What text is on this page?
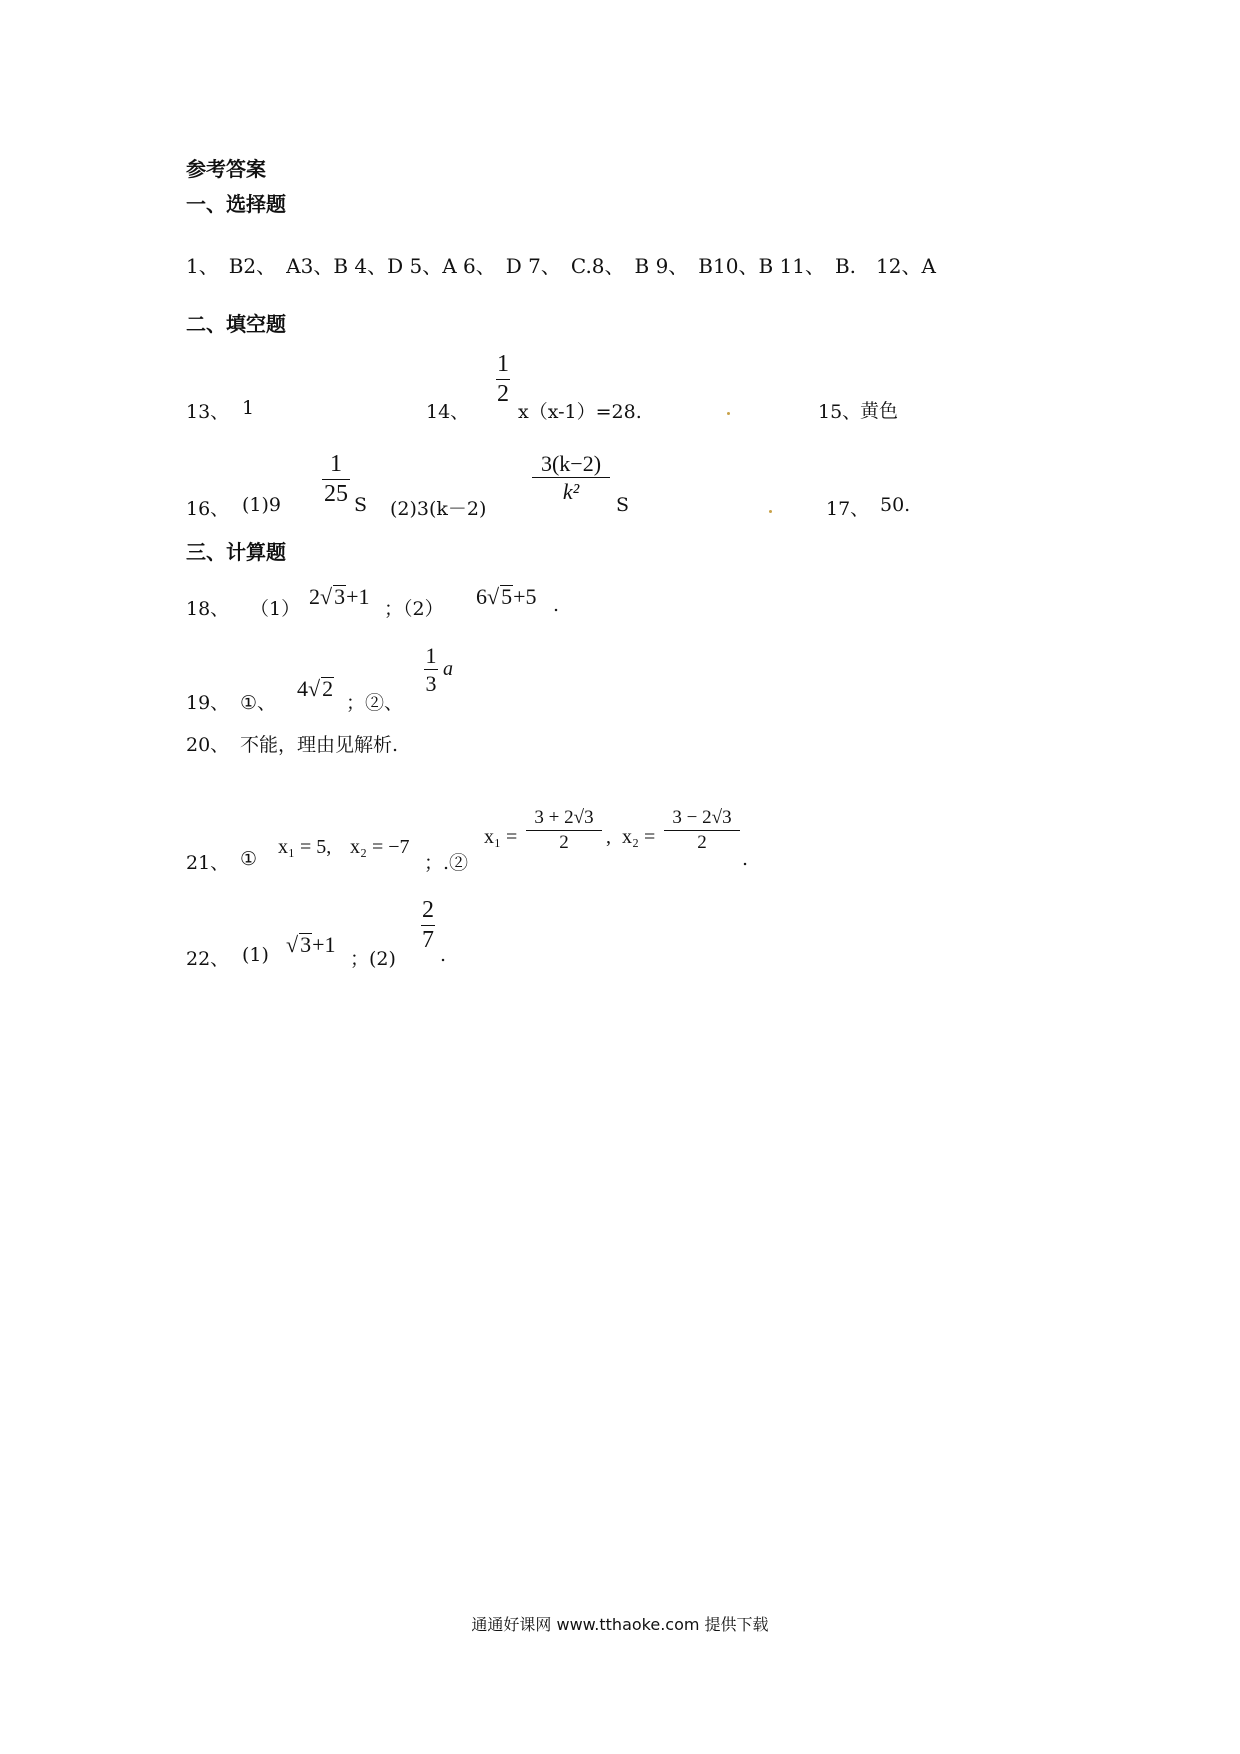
参考答案
一、选择题
1、　B2、　A3、B 4、D 5、A 6、　D 7、　C.8、　B 9、　B10、B 11、　B.　12、A
二、填空题
13、 1	14、
1
2
x（x-1）=28.	15、
黄色
16、 (1)9
1
25 S (2)3(k－2)
3(k−2)
k²
S	17、 50.
三、计算题
18、 （1） 2√3+1 ；（2） 6√5+5 .
19、 ①、
4√2
；②、
1
3
a
20、 不能，理由见解析.
21、 ①
x₁ = 5, x₂ = −7
；.②
x₁ =
3 + 2√3
2	, x₂ =
3 − 2√3
2
.
22、 (1) √3+1
；(2)
2
7
.
通通好课网 www.tthaoke.com 提供下载
